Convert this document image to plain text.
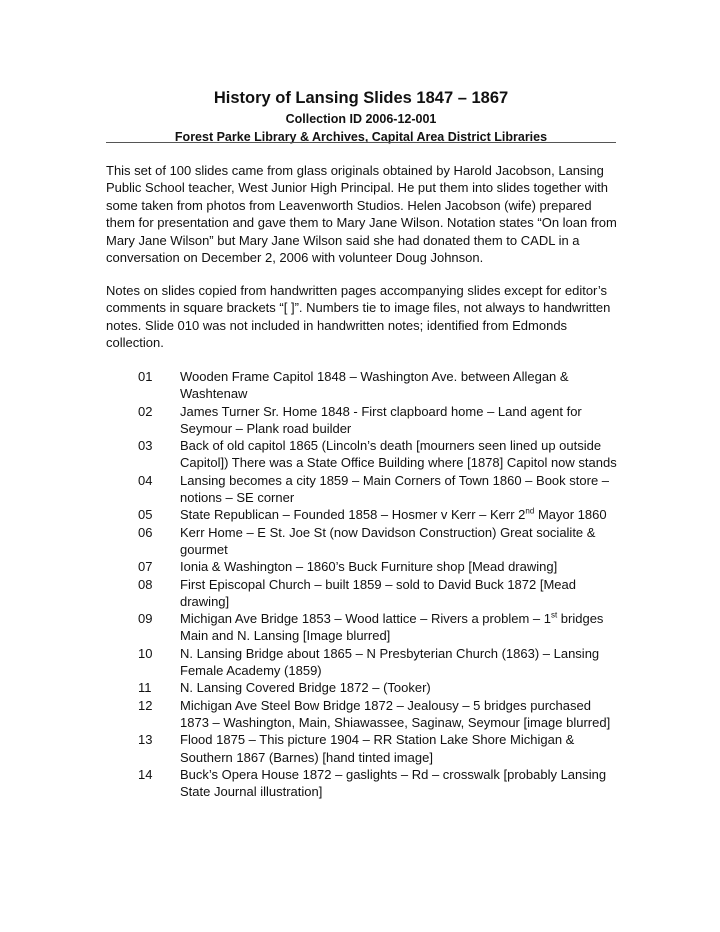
History of Lansing Slides 1847 – 1867

Collection ID 2006-12-001

Forest Parke Library & Archives, Capital Area District Libraries

This set of 100 slides came from glass originals obtained by Harold Jacobson, Lansing Public School teacher, West Junior High Principal. He put them into slides together with some taken from photos from Leavenworth Studios. Helen Jacobson (wife) prepared them for presentation and gave them to Mary Jane Wilson. Notation states “On loan from Mary Jane Wilson” but Mary Jane Wilson said she had donated them to CADL in a conversation on December 2, 2006 with volunteer Doug Johnson.

Notes on slides copied from handwritten pages accompanying slides except for editor’s comments in square brackets “[ ]”. Numbers tie to image files, not always to handwritten notes. Slide 010 was not included in handwritten notes; identified from Edmonds collection.

01	Wooden Frame Capitol 1848 – Washington Ave. between Allegan & Washtenaw
02	James Turner Sr. Home 1848 - First clapboard home – Land agent for Seymour – Plank road builder
03	Back of old capitol 1865 (Lincoln’s death [mourners seen lined up outside Capitol]) There was a State Office Building where [1878] Capitol now stands
04	Lansing becomes a city 1859 – Main Corners of Town 1860 – Book store – notions – SE corner
05	State Republican – Founded 1858 – Hosmer v Kerr – Kerr 2nd Mayor 1860
06	Kerr Home – E St. Joe St (now Davidson Construction) Great socialite & gourmet
07	Ionia & Washington – 1860’s Buck Furniture shop [Mead drawing]
08	First Episcopal Church – built 1859 – sold to David Buck 1872 [Mead drawing]
09	Michigan Ave Bridge 1853 – Wood lattice – Rivers a problem – 1st bridges Main and N. Lansing [Image blurred]
10	N. Lansing Bridge about 1865 – N Presbyterian Church (1863) – Lansing Female Academy (1859)
11	N. Lansing Covered Bridge 1872 – (Tooker)
12	Michigan Ave Steel Bow Bridge 1872 – Jealousy – 5 bridges purchased 1873 – Washington, Main, Shiawassee, Saginaw, Seymour [image blurred]
13	Flood 1875 – This picture 1904 – RR Station Lake Shore Michigan & Southern 1867 (Barnes) [hand tinted image]
14	Buck’s Opera House 1872 – gaslights – Rd – crosswalk [probably Lansing State Journal illustration]
